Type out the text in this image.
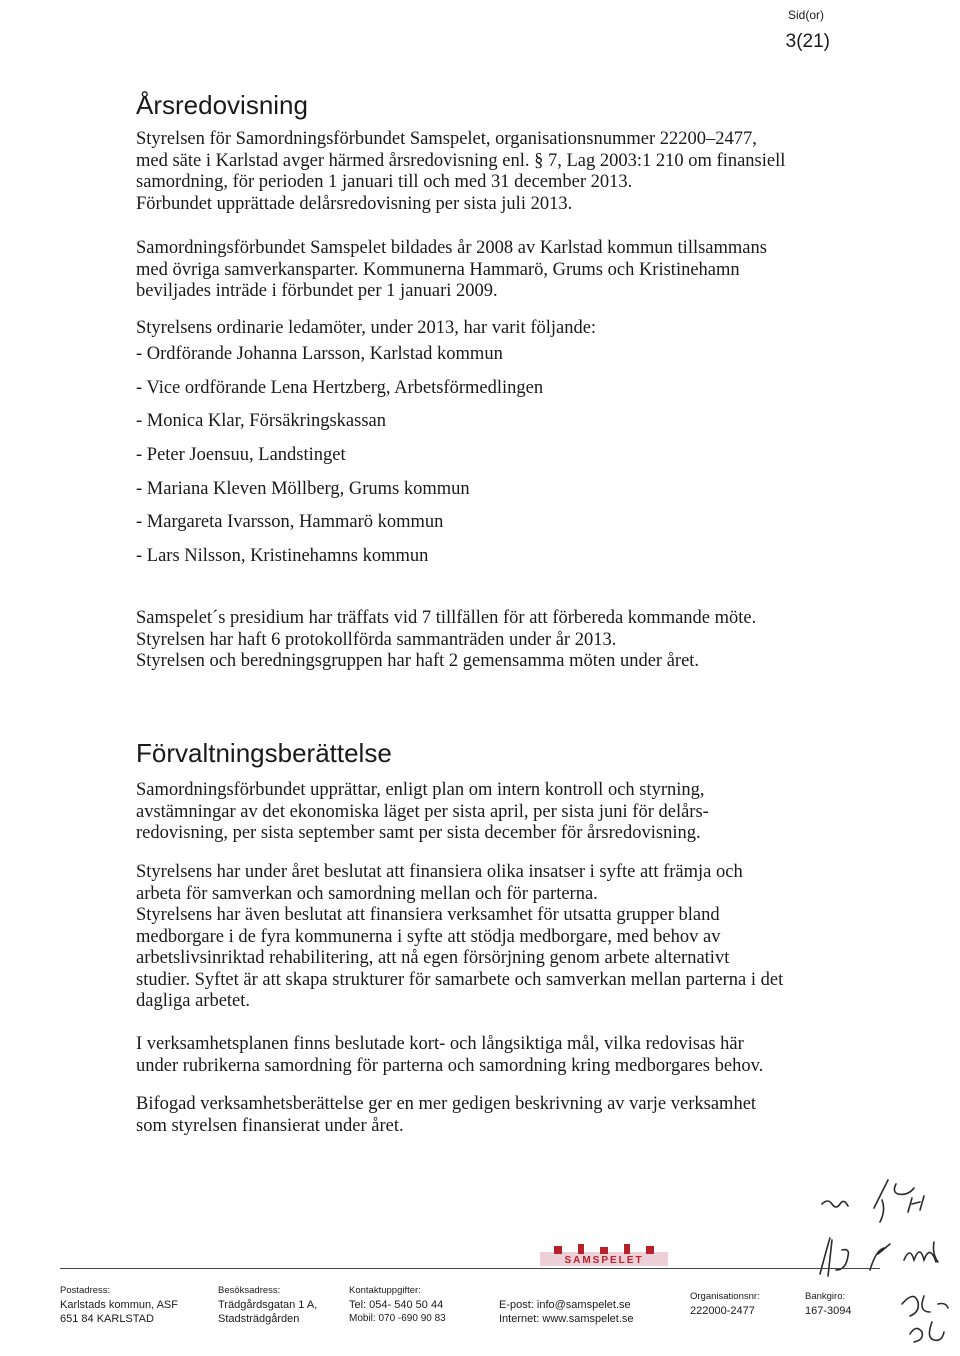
Sid(or)
3(21)
Årsredovisning

Styrelsen för Samordningsförbundet Samspelet, organisationsnummer 22200–2477,
med säte i Karlstad avger härmed årsredovisning enl. § 7, Lag 2003:1 210 om finansiell
samordning, för perioden 1 januari till och med 31 december 2013.
Förbundet upprättade delårsredovisning per sista juli 2013.

Samordningsförbundet Samspelet bildades år 2008 av Karlstad kommun tillsammans
med övriga samverkansparter. Kommunerna Hammarö, Grums och Kristinehamn
beviljades inträde i förbundet per 1 januari 2009.

Styrelsens ordinarie ledamöter, under 2013, har varit följande:

- Ordförande Johanna Larsson, Karlstad kommun
- Vice ordförande Lena Hertzberg, Arbetsförmedlingen
- Monica Klar, Försäkringskassan
- Peter Joensuu, Landstinget
- Mariana Kleven Möllberg, Grums kommun
- Margareta Ivarsson, Hammarö kommun
- Lars Nilsson, Kristinehamns kommun

Samspelet´s presidium har träffats vid 7 tillfällen för att förbereda kommande möte.
Styrelsen har haft 6 protokollförda sammanträden under år 2013.
Styrelsen och beredningsgruppen har haft 2 gemensamma möten under året.

Förvaltningsberättelse

Samordningsförbundet upprättar, enligt plan om intern kontroll och styrning,
avstämningar av det ekonomiska läget per sista april, per sista juni för delårs-
redovisning, per sista september samt per sista december för årsredovisning.

Styrelsens har under året beslutat att finansiera olika insatser i syfte att främja och
arbeta för samverkan och samordning mellan och för parterna.
Styrelsens har även beslutat att finansiera verksamhet för utsatta grupper bland
medborgare i de fyra kommunerna i syfte att stödja medborgare, med behov av
arbetslivsinriktad rehabilitering, att nå egen försörjning genom arbete alternativt
studier. Syftet är att skapa strukturer för samarbete och samverkan mellan parterna i det
dagliga arbetet.

I verksamhetsplanen finns beslutade kort- och långsiktiga mål, vilka redovisas här
under rubrikerna samordning för parterna och samordning kring medborgares behov.

Bifogad verksamhetsberättelse ger en mer gedigen beskrivning av varje verksamhet
som styrelsen finansierat under året.

SAMSPELET
Postadress:
Karlstads kommun, ASF
651 84 KARLSTAD
Besöksadress:
Trädgårdsgatan 1 A,
Stadsträdgården
Kontaktuppgifter:
Tel: 054- 540 50 44
Mobil: 070 -690 90 83
E-post: info@samspelet.se
Internet: www.samspelet.se
Organisationsnr:
222000-2477
Bankgiro:
167-3094
